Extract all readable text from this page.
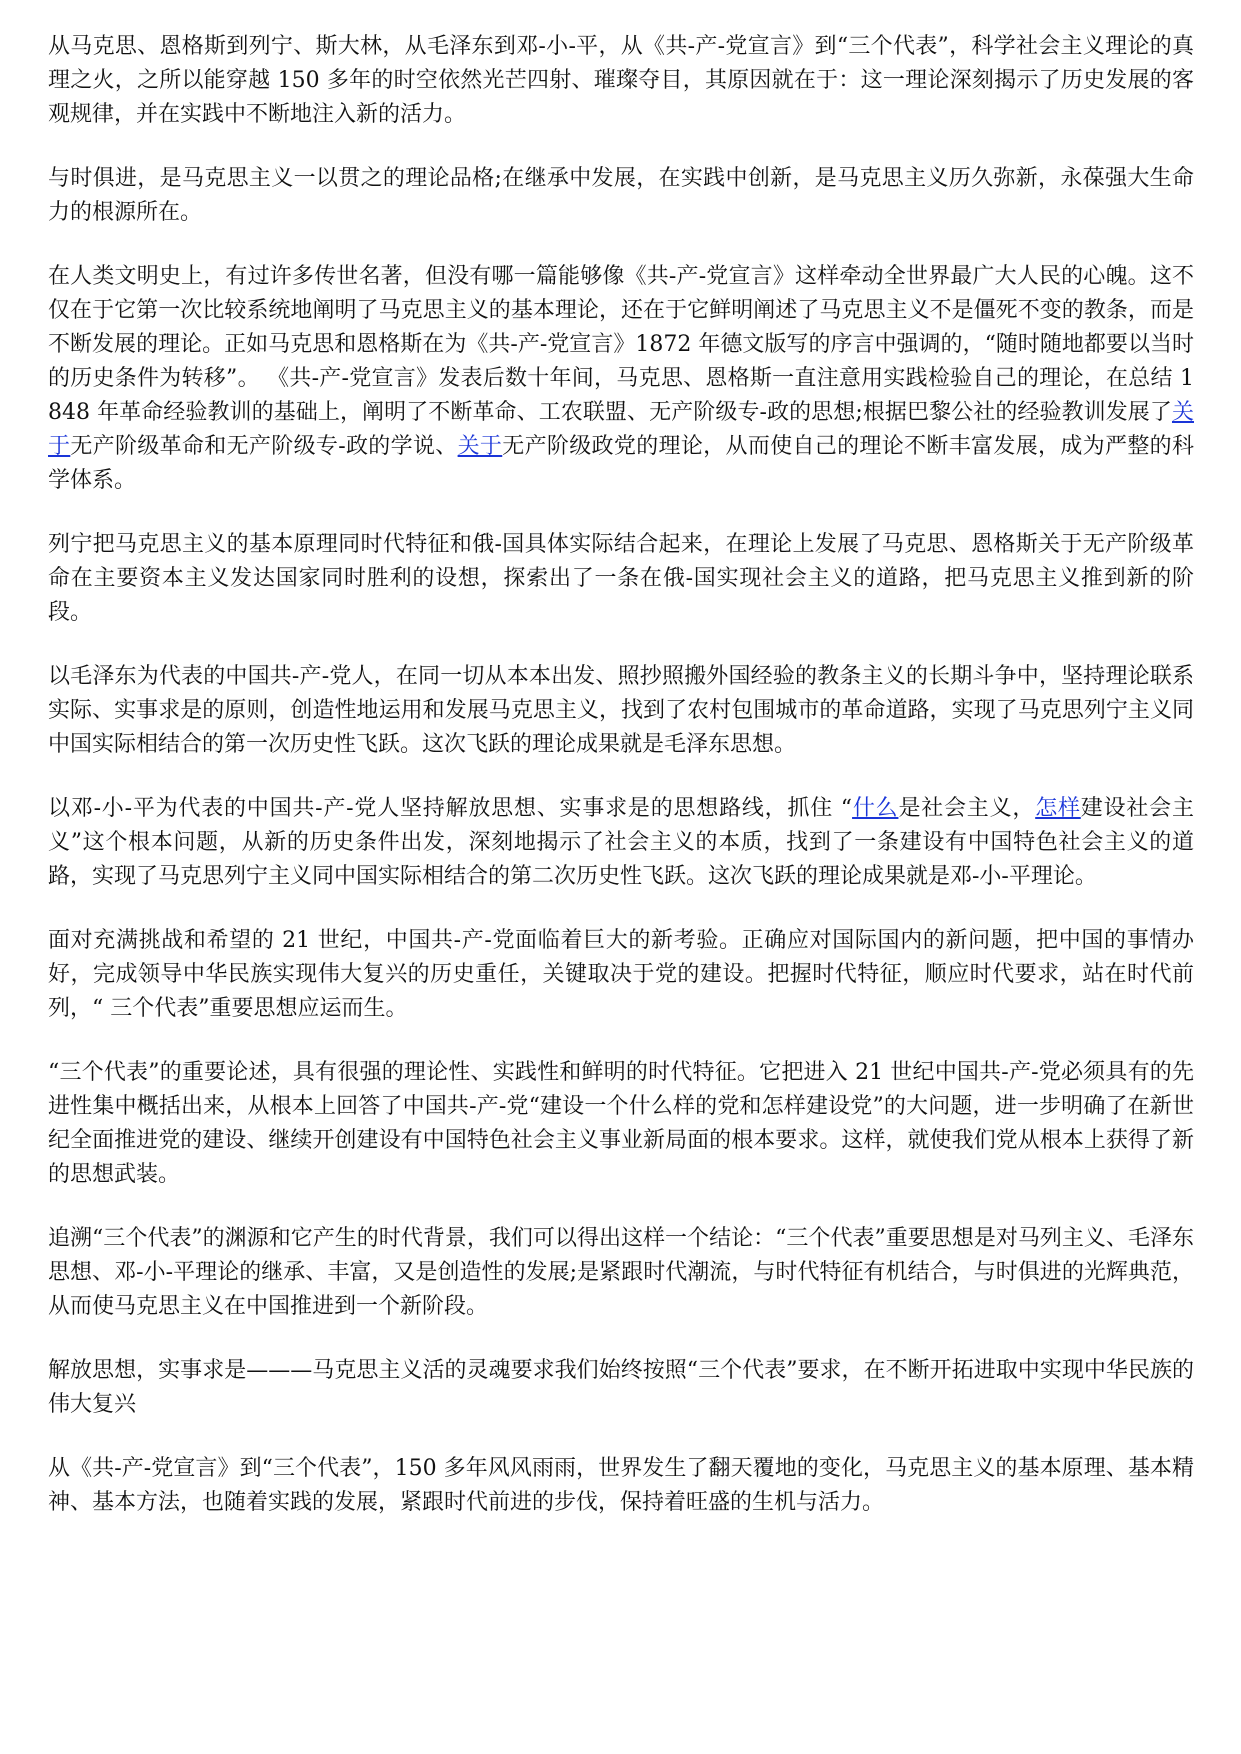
从马克思、恩格斯到列宁、斯大林，从毛泽东到邓-小-平，从《共-产-党宣言》到“三个代表”，科学社会主义理论的真理之火，之所以能穿越 150 多年的时空依然光芒四射、璀璨夺目，其原因就在于：这一理论深刻揭示了历史发展的客观规律，并在实践中不断地注入新的活力。

与时俱进，是马克思主义一以贯之的理论品格;在继承中发展，在实践中创新，是马克思主义历久弥新，永葆强大生命力的根源所在。

在人类文明史上，有过许多传世名著，但没有哪一篇能够像《共-产-党宣言》这样牵动全世界最广大人民的心魄。这不仅在于它第一次比较系统地阐明了马克思主义的基本理论，还在于它鲜明阐述了马克思主义不是僵死不变的教条，而是不断发展的理论。正如马克思和恩格斯在为《共-产-党宣言》1872 年德文版写的序言中强调的，“随时随地都要以当时的历史条件为转移”。 《共-产-党宣言》发表后数十年间，马克思、恩格斯一直注意用实践检验自己的理论，在总结 1848 年革命经验教训的基础上，阐明了不断革命、工农联盟、无产阶级专-政的思想;根据巴黎公社的经验教训发展了关于无产阶级革命和无产阶级专-政的学说、关于无产阶级政党的理论，从而使自己的理论不断丰富发展，成为严整的科学体系。

列宁把马克思主义的基本原理同时代特征和俄-国具体实际结合起来，在理论上发展了马克思、恩格斯关于无产阶级革命在主要资本主义发达国家同时胜利的设想，探索出了一条在俄-国实现社会主义的道路，把马克思主义推到新的阶段。

以毛泽东为代表的中国共-产-党人，在同一切从本本出发、照抄照搬外国经验的教条主义的长期斗争中，坚持理论联系实际、实事求是的原则，创造性地运用和发展马克思主义，找到了农村包围城市的革命道路，实现了马克思列宁主义同中国实际相结合的第一次历史性飞跃。这次飞跃的理论成果就是毛泽东思想。

以邓-小-平为代表的中国共-产-党人坚持解放思想、实事求是的思想路线，抓住 “什么是社会主义，怎样建设社会主义”这个根本问题，从新的历史条件出发，深刻地揭示了社会主义的本质，找到了一条建设有中国特色社会主义的道路，实现了马克思列宁主义同中国实际相结合的第二次历史性飞跃。这次飞跃的理论成果就是邓-小-平理论。

面对充满挑战和希望的 21 世纪，中国共-产-党面临着巨大的新考验。正确应对国际国内的新问题，把中国的事情办好，完成领导中华民族实现伟大复兴的历史重任，关键取决于党的建设。把握时代特征，顺应时代要求，站在时代前列，“ 三个代表”重要思想应运而生。

“三个代表”的重要论述，具有很强的理论性、实践性和鲜明的时代特征。它把进入 21 世纪中国共-产-党必须具有的先进性集中概括出来，从根本上回答了中国共-产-党“建设一个什么样的党和怎样建设党”的大问题，进一步明确了在新世纪全面推进党的建设、继续开创建设有中国特色社会主义事业新局面的根本要求。这样，就使我们党从根本上获得了新的思想武装。

追溯“三个代表”的渊源和它产生的时代背景，我们可以得出这样一个结论：“三个代表”重要思想是对马列主义、毛泽东思想、邓-小-平理论的继承、丰富，又是创造性的发展;是紧跟时代潮流，与时代特征有机结合，与时俱进的光辉典范，从而使马克思主义在中国推进到一个新阶段。

解放思想，实事求是———马克思主义活的灵魂要求我们始终按照“三个代表”要求，在不断开拓进取中实现中华民族的伟大复兴

从《共-产-党宣言》到“三个代表”，150 多年风风雨雨，世界发生了翻天覆地的变化，马克思主义的基本原理、基本精神、基本方法，也随着实践的发展，紧跟时代前进的步伐，保持着旺盛的生机与活力。
